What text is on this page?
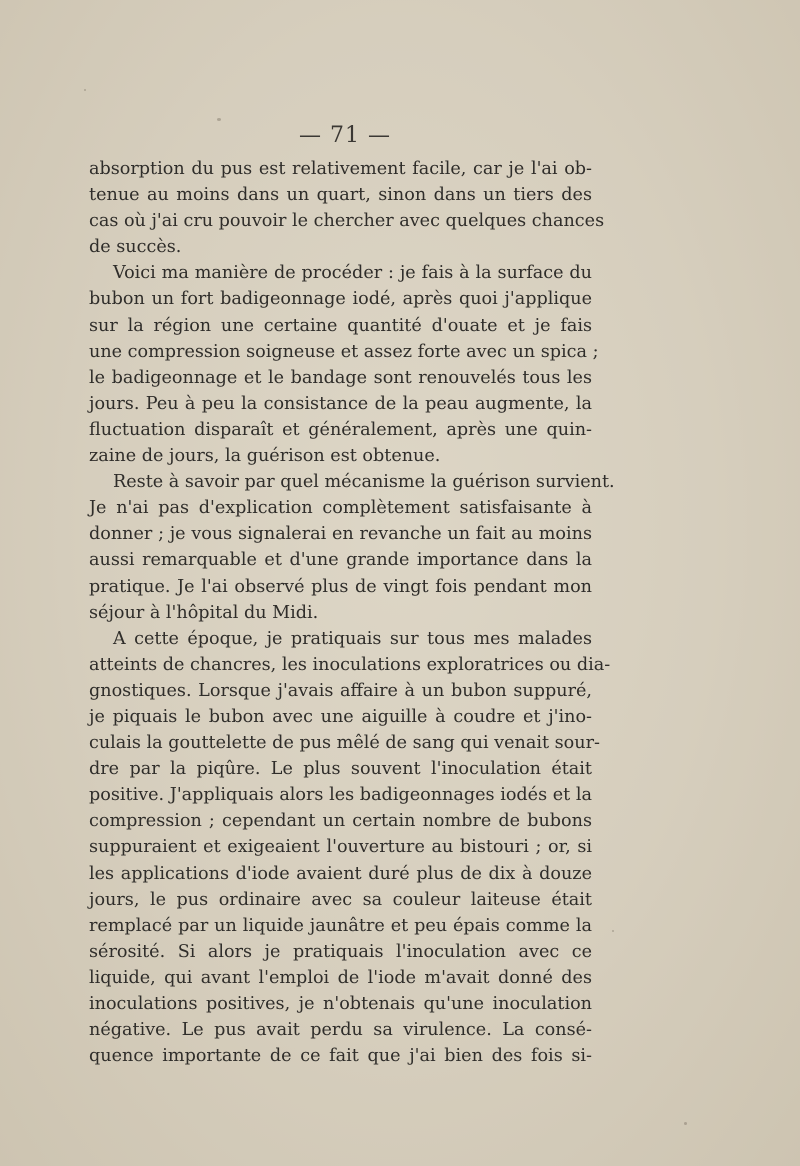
— 71 —
absorption du pus est relativement facile, car je l'ai ob-
tenue au moins dans un quart, sinon dans un tiers des
cas où j'ai cru pouvoir le chercher avec quelques chances
de succès.
Voici ma manière de procéder : je fais à la surface du
bubon un fort badigeonnage iodé, après quoi j'applique
sur la région une certaine quantité d'ouate et je fais
une compression soigneuse et assez forte avec un spica ;
le badigeonnage et le bandage sont renouvelés tous les
jours. Peu à peu la consistance de la peau augmente, la
fluctuation disparaît et généralement, après une quin-
zaine de jours, la guérison est obtenue.
Reste à savoir par quel mécanisme la guérison survient.
Je n'ai pas d'explication complètement satisfaisante à
donner ; je vous signalerai en revanche un fait au moins
aussi remarquable et d'une grande importance dans la
pratique. Je l'ai observé plus de vingt fois pendant mon
séjour à l'hôpital du Midi.
A cette époque, je pratiquais sur tous mes malades
atteints de chancres, les inoculations exploratrices ou dia-
gnostiques. Lorsque j'avais affaire à un bubon suppuré,
je piquais le bubon avec une aiguille à coudre et j'ino-
culais la gouttelette de pus mêlé de sang qui venait sour-
dre par la piqûre. Le plus souvent l'inoculation était
positive. J'appliquais alors les badigeonnages iodés et la
compression ; cependant un certain nombre de bubons
suppuraient et exigeaient l'ouverture au bistouri ; or, si
les applications d'iode avaient duré plus de dix à douze
jours, le pus ordinaire avec sa couleur laiteuse était
remplacé par un liquide jaunâtre et peu épais comme la
sérosité. Si alors je pratiquais l'inoculation avec ce
liquide, qui avant l'emploi de l'iode m'avait donné des
inoculations positives, je n'obtenais qu'une inoculation
négative. Le pus avait perdu sa virulence. La consé-
quence importante de ce fait que j'ai bien des fois si-
